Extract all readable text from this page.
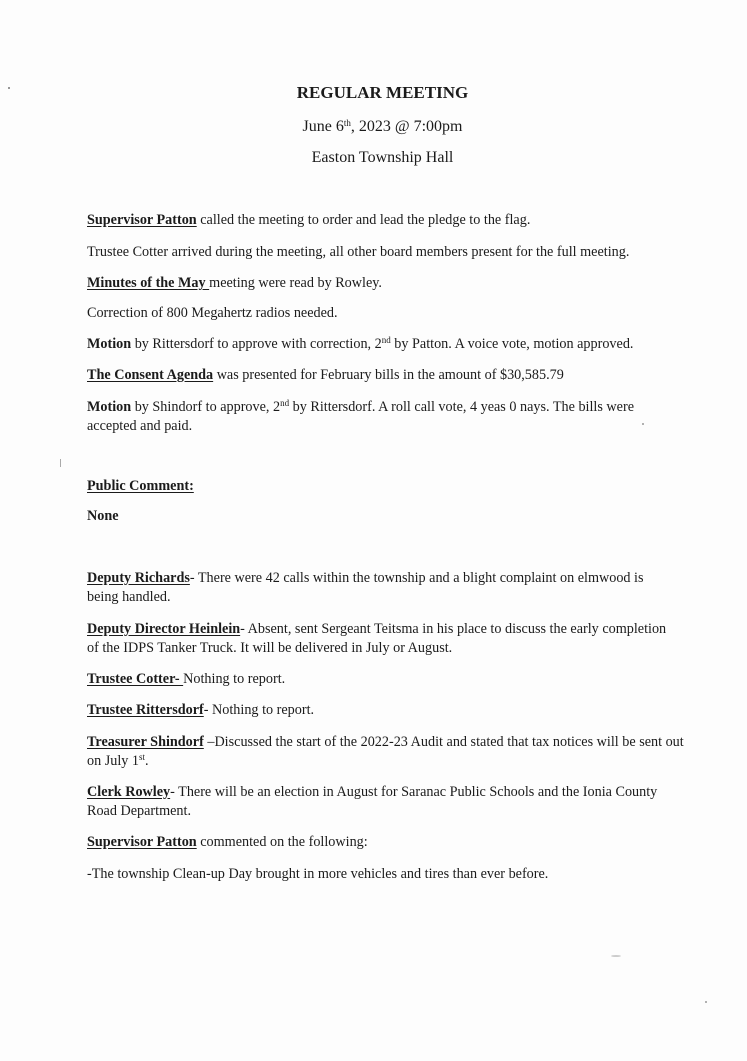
REGULAR MEETING
June 6th, 2023 @ 7:00pm
Easton Township Hall

Supervisor Patton called the meeting to order and lead the pledge to the flag.

Trustee Cotter arrived during the meeting, all other board members present for the full meeting.

Minutes of the May meeting were read by Rowley.

Correction of 800 Megahertz radios needed.

Motion by Rittersdorf to approve with correction, 2nd by Patton. A voice vote, motion approved.

The Consent Agenda was presented for February bills in the amount of $30,585.79

Motion by Shindorf to approve, 2nd by Rittersdorf. A roll call vote, 4 yeas 0 nays. The bills were accepted and paid.

Public Comment:

None

Deputy Richards- There were 42 calls within the township and a blight complaint on elmwood is being handled.

Deputy Director Heinlein- Absent, sent Sergeant Teitsma in his place to discuss the early completion of the IDPS Tanker Truck. It will be delivered in July or August.

Trustee Cotter- Nothing to report.

Trustee Rittersdorf- Nothing to report.

Treasurer Shindorf –Discussed the start of the 2022-23 Audit and stated that tax notices will be sent out on July 1st.

Clerk Rowley- There will be an election in August for Saranac Public Schools and the Ionia County Road Department.

Supervisor Patton commented on the following:

-The township Clean-up Day brought in more vehicles and tires than ever before.
